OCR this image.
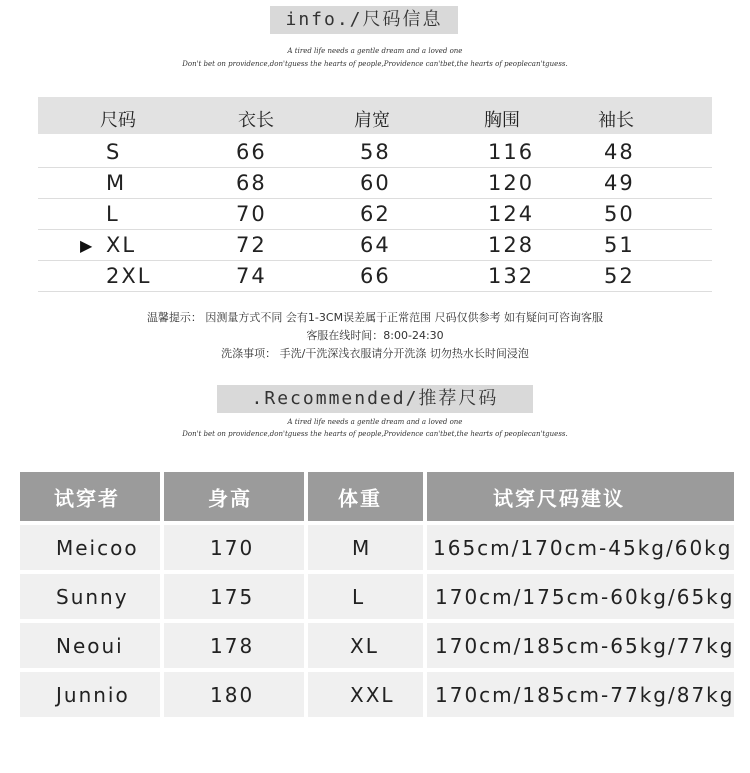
info./尺码信息
A tired life needs a gentle dream and a loved one
Don't bet on providence,don'tguess the hearts of people,Providence can'tbet,the hearts of peoplecan'tguess.
尺码	衣长	肩宽	胸围	袖长
S	66	58	116	48
M	68	60	120	49
L	70	62	124	50
▶ XL	72	64	128	51
2XL	74	66	132	52
温馨提示： 因测量方式不同 会有1-3CM误差属于正常范围 尺码仅供参考 如有疑问可咨询客服
客服在线时间：8:00-24:30
洗涤事项： 手洗/干洗深浅衣服请分开洗涤 切勿热水长时间浸泡
.Recommended/推荐尺码
A tired life needs a gentle dream and a loved one
Don't bet on providence,don'tguess the hearts of people,Providence can'tbet,the hearts of peoplecan'tguess.
试穿者	身高	体重	试穿尺码建议
Meicoo	170	M	165cm/170cm-45kg/60kg
Sunny	175	L	170cm/175cm-60kg/65kg
Neoui	178	XL	170cm/185cm-65kg/77kg
Junnio	180	XXL 170cm/185cm-77kg/87kg
